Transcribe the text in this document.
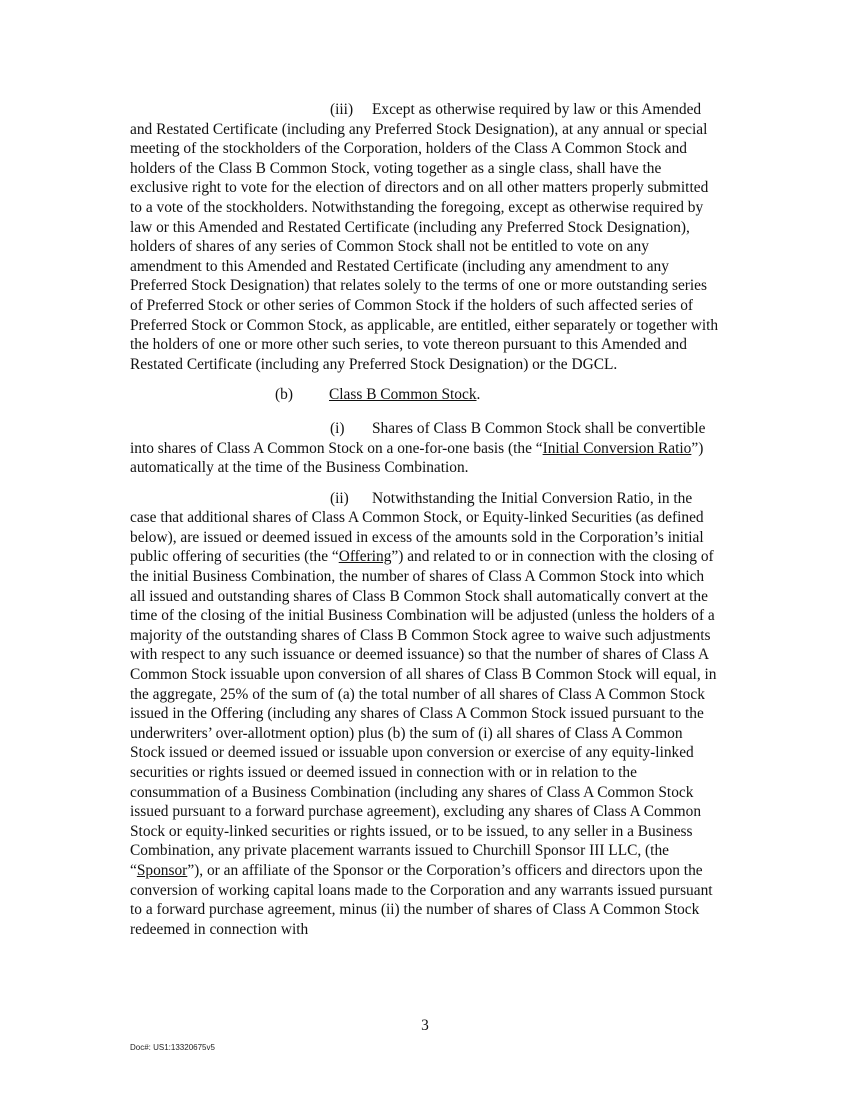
(iii) Except as otherwise required by law or this Amended and Restated Certificate (including any Preferred Stock Designation), at any annual or special meeting of the stockholders of the Corporation, holders of the Class A Common Stock and holders of the Class B Common Stock, voting together as a single class, shall have the exclusive right to vote for the election of directors and on all other matters properly submitted to a vote of the stockholders. Notwithstanding the foregoing, except as otherwise required by law or this Amended and Restated Certificate (including any Preferred Stock Designation), holders of shares of any series of Common Stock shall not be entitled to vote on any amendment to this Amended and Restated Certificate (including any amendment to any Preferred Stock Designation) that relates solely to the terms of one or more outstanding series of Preferred Stock or other series of Common Stock if the holders of such affected series of Preferred Stock or Common Stock, as applicable, are entitled, either separately or together with the holders of one or more other such series, to vote thereon pursuant to this Amended and Restated Certificate (including any Preferred Stock Designation) or the DGCL.

(b) Class B Common Stock.

(i) Shares of Class B Common Stock shall be convertible into shares of Class A Common Stock on a one-for-one basis (the “Initial Conversion Ratio”) automatically at the time of the Business Combination.

(ii) Notwithstanding the Initial Conversion Ratio, in the case that additional shares of Class A Common Stock, or Equity-linked Securities (as defined below), are issued or deemed issued in excess of the amounts sold in the Corporation’s initial public offering of securities (the “Offering”) and related to or in connection with the closing of the initial Business Combination, the number of shares of Class A Common Stock into which all issued and outstanding shares of Class B Common Stock shall automatically convert at the time of the closing of the initial Business Combination will be adjusted (unless the holders of a majority of the outstanding shares of Class B Common Stock agree to waive such adjustments with respect to any such issuance or deemed issuance) so that the number of shares of Class A Common Stock issuable upon conversion of all shares of Class B Common Stock will equal, in the aggregate, 25% of the sum of (a) the total number of all shares of Class A Common Stock issued in the Offering (including any shares of Class A Common Stock issued pursuant to the underwriters’ over-allotment option) plus (b) the sum of (i) all shares of Class A Common Stock issued or deemed issued or issuable upon conversion or exercise of any equity-linked securities or rights issued or deemed issued in connection with or in relation to the consummation of a Business Combination (including any shares of Class A Common Stock issued pursuant to a forward purchase agreement), excluding any shares of Class A Common Stock or equity-linked securities or rights issued, or to be issued, to any seller in a Business Combination, any private placement warrants issued to Churchill Sponsor III LLC, (the “Sponsor”), or an affiliate of the Sponsor or the Corporation’s officers and directors upon the conversion of working capital loans made to the Corporation and any warrants issued pursuant to a forward purchase agreement, minus (ii) the number of shares of Class A Common Stock redeemed in connection with

3
Doc#: US1:13320675v5
